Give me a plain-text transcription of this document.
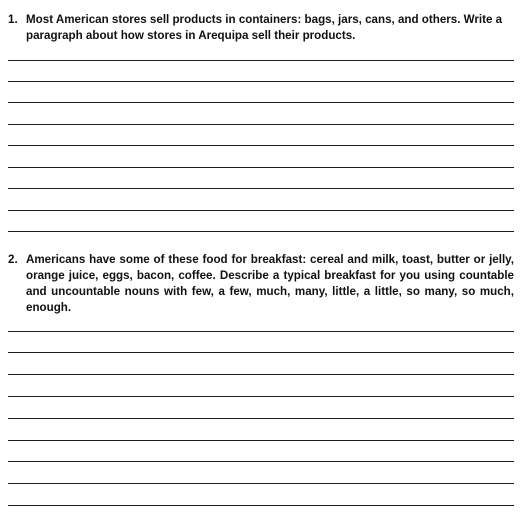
1. Most American stores sell products in containers: bags, jars, cans, and others. Write a paragraph about how stores in Arequipa sell their products.
2. Americans have some of these food for breakfast: cereal and milk, toast, butter or jelly, orange juice, eggs, bacon, coffee. Describe a typical breakfast for you using countable and uncountable nouns with few, a few, much, many, little, a little, so many, so much, enough.
